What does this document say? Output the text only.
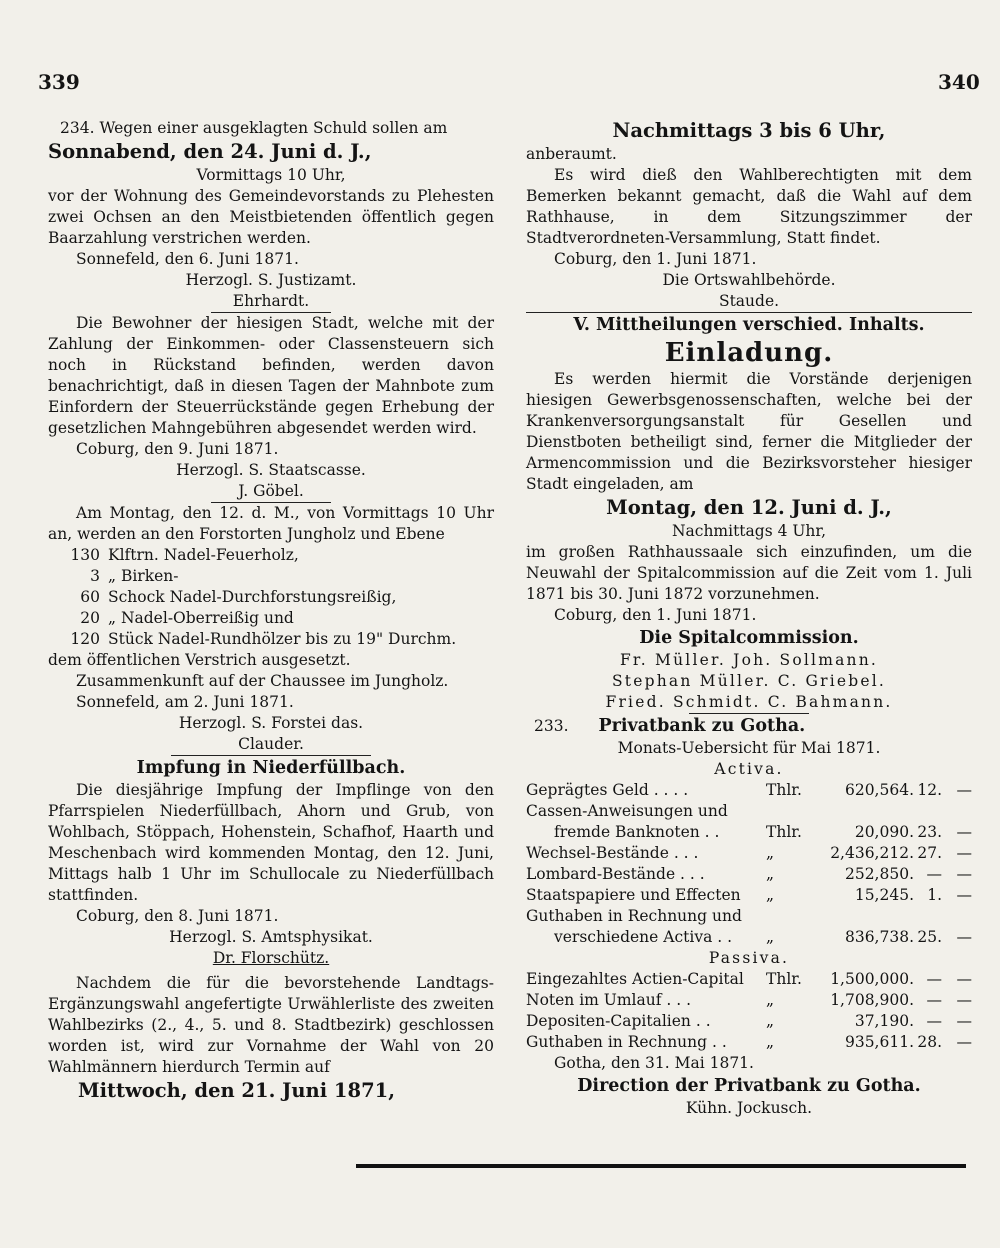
339	340
234. Wegen einer ausgeklagten Schuld sollen am
Sonnabend, den 24. Juni d. J.,
Vormittags 10 Uhr,

vor der Wohnung des Gemeindevorstands zu Plehesten zwei Ochsen an den Meistbietenden öffentlich gegen Baarzahlung verstrichen werden.

Sonnefeld, den 6. Juni 1871.
Herzogl. S. Justizamt.
Ehrhardt.

Die Bewohner der hiesigen Stadt, welche mit der Zahlung der Einkommen- oder Classensteuern sich noch in Rückstand befinden, werden davon benachrichtigt, daß in diesen Tagen der Mahnbote zum Einfordern der Steuerrückstände gegen Erhebung der gesetzlichen Mahngebühren abgesendet werden wird.

Coburg, den 9. Juni 1871.
Herzogl. S. Staatscasse.
J. Göbel.

Am Montag, den 12. d. M., von Vormittags 10 Uhr an, werden an den Forstorten Jungholz und Ebene

130 Klftrn. Nadel-Feuerholz,
3 „ Birken-
60 Schock Nadel-Durchforstungsreißig,
20 „ Nadel-Oberreißig und
120 Stück Nadel-Rundhölzer bis zu 19" Durchm.
dem öffentlichen Verstrich ausgesetzt.
Zusammenkunft auf der Chaussee im Jungholz.
Sonnefeld, am 2. Juni 1871.
Herzogl. S. Forstei das.
Clauder.
Impfung in Niederfüllbach.

Die diesjährige Impfung der Impflinge von den Pfarrspielen Niederfüllbach, Ahorn und Grub, von Wohlbach, Stöppach, Hohenstein, Schafhof, Haarth und Meschenbach wird kommenden Montag, den 12. Juni, Mittags halb 1 Uhr im Schullocale zu Niederfüllbach stattfinden.

Coburg, den 8. Juni 1871.
Herzogl. S. Amtsphysikat.
Dr. Florschütz.

Nachdem die für die bevorstehende Landtags-Ergänzungswahl angefertigte Urwählerliste des zweiten Wahlbezirks (2., 4., 5. und 8. Stadtbezirk) geschlossen worden ist, wird zur Vornahme der Wahl von 20 Wahlmännern hierdurch Termin auf

Mittwoch, den 21. Juni 1871,
Nachmittags 3 bis 6 Uhr,
anberaumt.

Es wird dieß den Wahlberechtigten mit dem Bemerken bekannt gemacht, daß die Wahl auf dem Rathhause, in dem Sitzungszimmer der Stadtverordneten-Versammlung, Statt findet.

Coburg, den 1. Juni 1871.
Die Ortswahlbehörde.
Staude.
V. Mittheilungen verschied. Inhalts.
Einladung.

Es werden hiermit die Vorstände derjenigen hiesigen Gewerbsgenossenschaften, welche bei der Krankenversorgungsanstalt für Gesellen und Dienstboten betheiligt sind, ferner die Mitglieder der Armencommission und die Bezirksvorsteher hiesiger Stadt eingeladen, am

Montag, den 12. Juni d. J.,
Nachmittags 4 Uhr,

im großen Rathhaussaale sich einzufinden, um die Neuwahl der Spitalcommission auf die Zeit vom 1. Juli 1871 bis 30. Juni 1872 vorzunehmen.

Coburg, den 1. Juni 1871.
Die Spitalcommission.
Fr. Müller. Joh. Sollmann.
Stephan Müller. C. Griebel.
Fried. Schmidt. C. Bahmann.
233. Privatbank zu Gotha.
Monats-Uebersicht für Mai 1871.
Activa.
Geprägtes Geld . . . .	Thlr.	620,564. 12. —
Cassen-Anweisungen und
fremde Banknoten . .	Thlr.	20,090. 23. —
Wechsel-Bestände . . .	„	2,436,212. 27. —
Lombard-Bestände . . .	„	252,850. — —
Staatspapiere und Effecten	„	15,245. 1. —
Guthaben in Rechnung und
verschiedene Activa . .	„	836,738. 25. —
Passiva.
Eingezahltes Actien-Capital	Thlr.	1,500,000. — —
Noten im Umlauf . . .	„	1,708,900. — —
Depositen-Capitalien . .	„	37,190. — —
Guthaben in Rechnung . .	„	935,611. 28. —
Gotha, den 31. Mai 1871.
Direction der Privatbank zu Gotha.
Kühn. Jockusch.
